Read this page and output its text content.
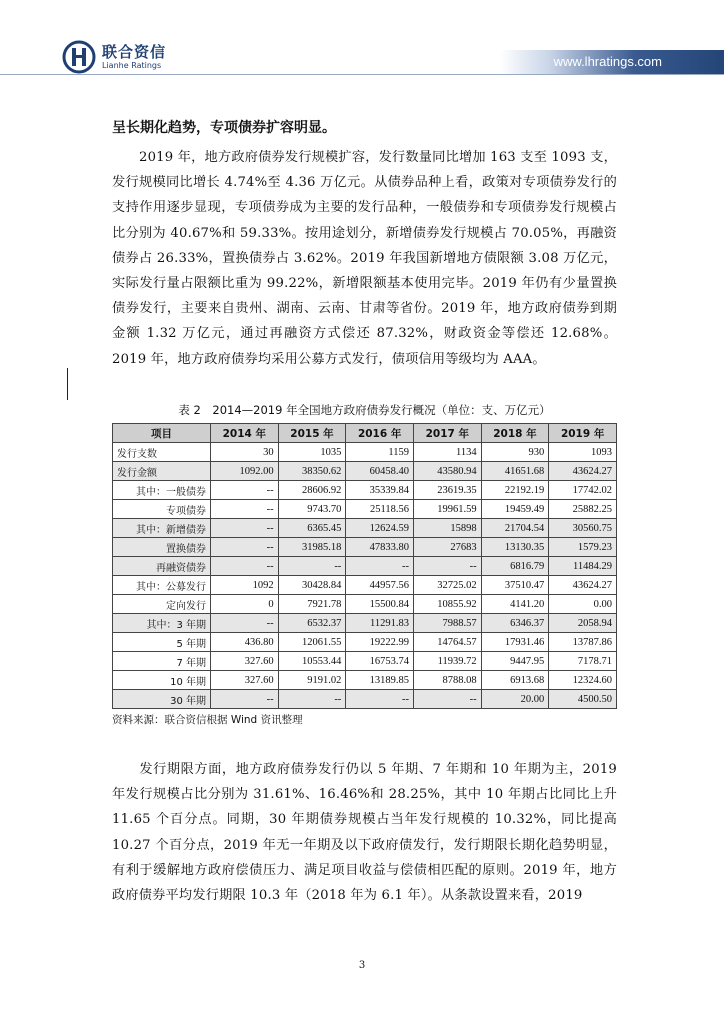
联合资信
Lianhe Ratings	www.lhratings.com
呈长期化趋势，专项债券扩容明显。
2019 年，地方政府债券发行规模扩容，发行数量同比增加 163 支至 1093 支，发行规模同比增长 4.74%至 4.36 万亿元。从债券品种上看，政策对专项债券发行的支持作用逐步显现，专项债券成为主要的发行品种，一般债券和专项债券发行规模占比分别为 40.67%和 59.33%。按用途划分，新增债券发行规模占 70.05%，再融资债券占 26.33%，置换债券占 3.62%。2019 年我国新增地方债限额 3.08 万亿元，实际发行量占限额比重为 99.22%，新增限额基本使用完毕。2019 年仍有少量置换债券发行，主要来自贵州、湖南、云南、甘肃等省份。2019 年，地方政府债券到期金额 1.32 万亿元，通过再融资方式偿还 87.32%，财政资金等偿还 12.68%。2019 年，地方政府债券均采用公募方式发行，债项信用等级均为 AAA。
表 2　2014—2019 年全国地方政府债券发行概况（单位：支、万亿元）
项目	2014 年	2015 年	2016 年	2017 年	2018 年	2019 年
发行支数	30	1035	1159	1134	930	1093
发行金额	1092.00	38350.62	60458.40	43580.94	41651.68	43624.27
其中：一般债券	--	28606.92	35339.84	23619.35	22192.19	17742.02
专项债券	--	9743.70	25118.56	19961.59	19459.49	25882.25
其中：新增债券	--	6365.45	12624.59	15898	21704.54	30560.75
置换债券	--	31985.18	47833.80	27683	13130.35	1579.23
再融资债券	--	--	--	--	6816.79	11484.29
其中：公募发行	1092	30428.84	44957.56	32725.02	37510.47	43624.27
定向发行	0	7921.78	15500.84	10855.92	4141.20	0.00
其中：3 年期	--	6532.37	11291.83	7988.57	6346.37	2058.94
5 年期	436.80	12061.55	19222.99	14764.57	17931.46	13787.86
7 年期	327.60	10553.44	16753.74	11939.72	9447.95	7178.71
10 年期	327.60	9191.02	13189.85	8788.08	6913.68	12324.60
30 年期	--	--	--	--	20.00	4500.50
资料来源：联合资信根据 Wind 资讯整理
发行期限方面，地方政府债券发行仍以 5 年期、7 年期和 10 年期为主，2019 年发行规模占比分别为 31.61%、16.46%和 28.25%，其中 10 年期占比同比上升 11.65 个百分点。同期，30 年期债券规模占当年发行规模的 10.32%，同比提高 10.27 个百分点，2019 年无一年期及以下政府债发行，发行期限长期化趋势明显，有利于缓解地方政府偿债压力、满足项目收益与偿债相匹配的原则。2019 年，地方政府债券平均发行期限 10.3 年（2018 年为 6.1 年）。从条款设置来看，2019
3
